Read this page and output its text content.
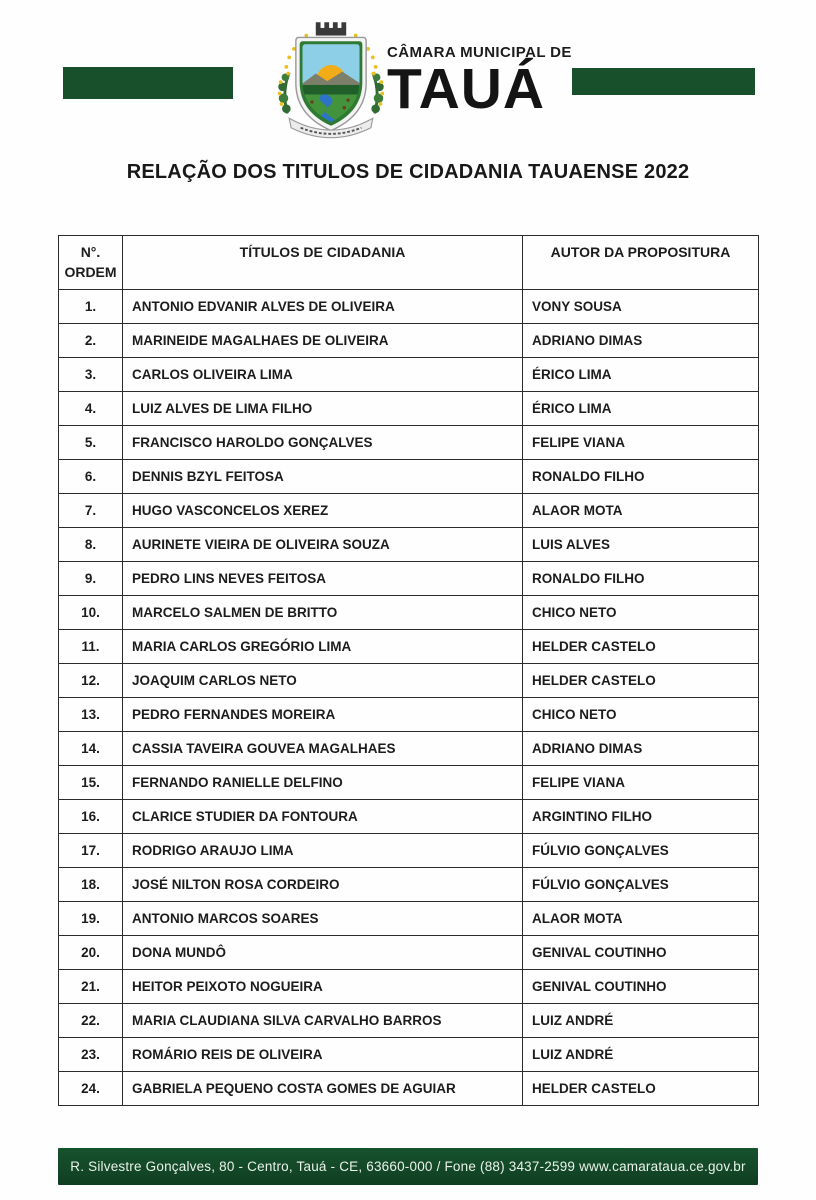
CÂMARA MUNICIPAL DE
TAUÁ
RELAÇÃO DOS TITULOS DE CIDADANIA TAUAENSE 2022
N°.
ORDEM	TÍTULOS DE CIDADANIA	AUTOR DA PROPOSITURA
1.	ANTONIO EDVANIR ALVES DE OLIVEIRA	VONY SOUSA
2.	MARINEIDE MAGALHAES DE OLIVEIRA	ADRIANO DIMAS
3.	CARLOS OLIVEIRA LIMA	ÉRICO LIMA
4.	LUIZ ALVES DE LIMA FILHO	ÉRICO LIMA
5.	FRANCISCO HAROLDO GONÇALVES	FELIPE VIANA
6.	DENNIS BZYL FEITOSA	RONALDO FILHO
7.	HUGO VASCONCELOS XEREZ	ALAOR MOTA
8.	AURINETE VIEIRA DE OLIVEIRA SOUZA	LUIS ALVES
9.	PEDRO LINS NEVES FEITOSA	RONALDO FILHO
10.	MARCELO SALMEN DE BRITTO	CHICO NETO
11.	MARIA CARLOS GREGÓRIO LIMA	HELDER CASTELO
12.	JOAQUIM CARLOS NETO	HELDER CASTELO
13.	PEDRO FERNANDES MOREIRA	CHICO NETO
14.	CASSIA TAVEIRA GOUVEA MAGALHAES	ADRIANO DIMAS
15.	FERNANDO RANIELLE DELFINO	FELIPE VIANA
16.	CLARICE STUDIER DA FONTOURA	ARGINTINO FILHO
17.	RODRIGO ARAUJO LIMA	FÚLVIO GONÇALVES
18.	JOSÉ NILTON ROSA CORDEIRO	FÚLVIO GONÇALVES
19.	ANTONIO MARCOS SOARES	ALAOR MOTA
20.	DONA MUNDÔ	GENIVAL COUTINHO
21.	HEITOR PEIXOTO NOGUEIRA	GENIVAL COUTINHO
22.	MARIA CLAUDIANA SILVA CARVALHO BARROS	LUIZ ANDRÉ
23.	ROMÁRIO REIS DE OLIVEIRA	LUIZ ANDRÉ
24.	GABRIELA PEQUENO COSTA GOMES DE AGUIAR	HELDER CASTELO
R. Silvestre Gonçalves, 80 - Centro, Tauá - CE, 63660-000 / Fone (88) 3437-2599 www.camarataua.ce.gov.br
